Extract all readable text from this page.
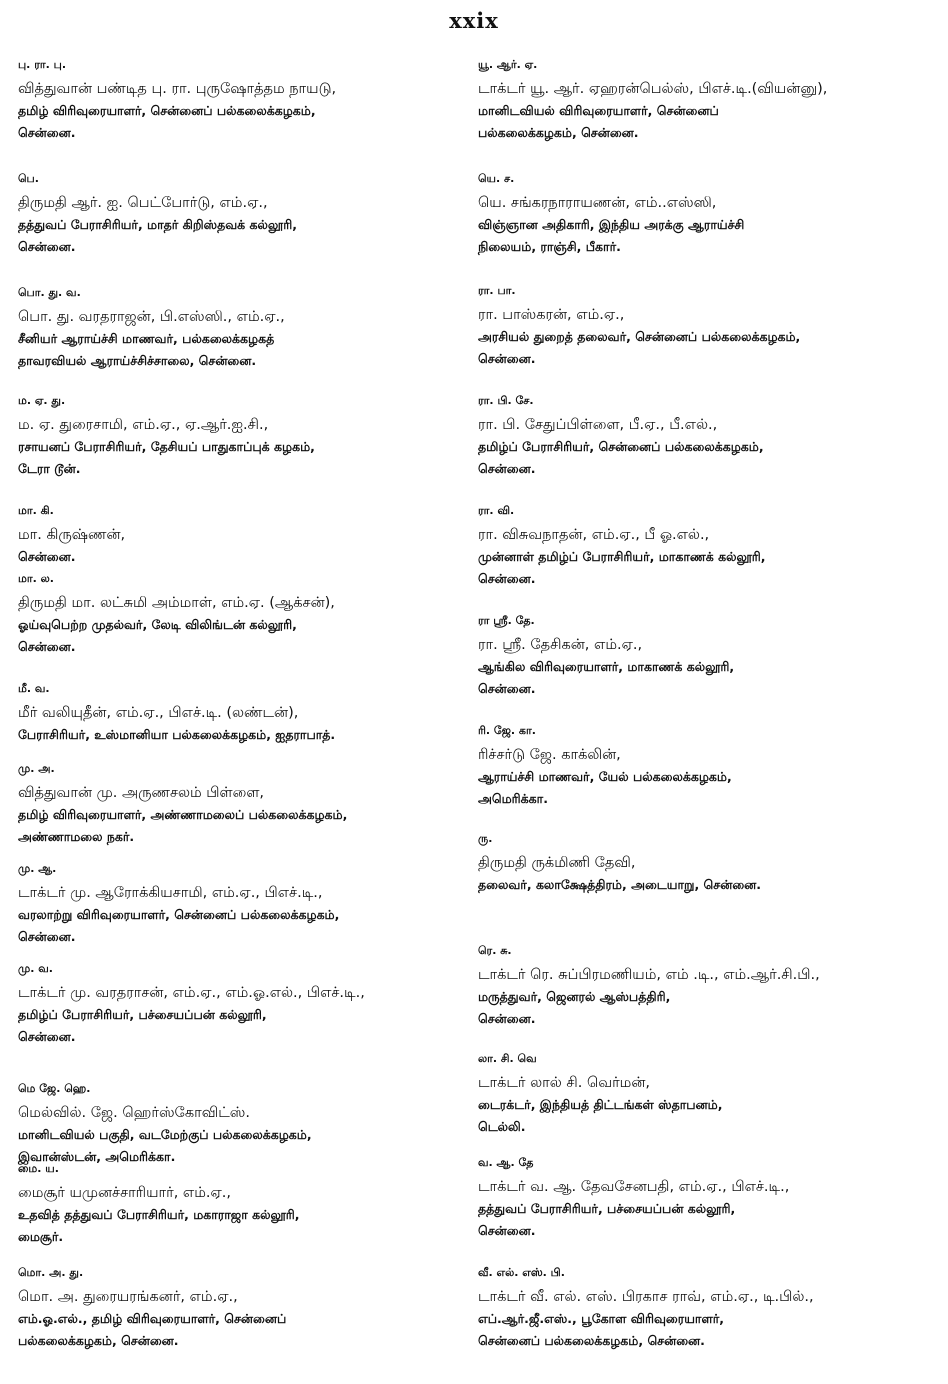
xxix
பு. ரா. பு.
வித்துவான் பண்டித பு. ரா. புருஷோத்தம நாயடு,
தமிழ் விரிவுரையாளர், சென்னைப் பல்கலைக்கழகம்,
சென்னை.
பெ.
திருமதி ஆர். ஐ. பெட்போர்டு, எம்.ஏ.,
தத்துவப் பேராசிரியர், மாதர் கிறிஸ்தவக் கல்லூரி,
சென்னை.
பொ. து. வ.
பொ. து. வரதராஜன், பி.எஸ்ஸி., எம்.ஏ.,
சீனியர் ஆராய்ச்சி மாணவர், பல்கலைக்கழகத்
தாவரவியல் ஆராய்ச்சிச்சாலை, சென்னை.
ம. ஏ. து.
ம. ஏ. துரைசாமி, எம்.ஏ., ஏ.ஆர்.ஐ.சி.,
ரசாயனப் பேராசிரியர், தேசியப் பாதுகாப்புக் கழகம்,
டேரா டூன்.
மா. கி.
மா. கிருஷ்ணன்,
சென்னை.
மா. ல.
திருமதி மா. லட்சுமி அம்மாள், எம்.ஏ. (ஆக்சன்),
ஓய்வுபெற்ற முதல்வர், லேடி விலிங்டன் கல்லூரி,
சென்னை.
மீ. வ.
மீர் வலியுதீன், எம்.ஏ., பிஎச்.டி. (லண்டன்),
பேராசிரியர், உஸ்மானியா பல்கலைக்கழகம், ஐதராபாத்.
மு. அ.
வித்துவான் மு. அருணசலம் பிள்ளை,
தமிழ் விரிவுரையாளர், அண்ணாமலைப் பல்கலைக்கழகம்,
அண்ணாமலை நகர்.
மு. ஆ.
டாக்டர் மு. ஆரோக்கியசாமி, எம்.ஏ., பிஎச்.டி.,
வரலாற்று விரிவுரையாளர், சென்னைப் பல்கலைக்கழகம்,
சென்னை.
மு. வ.
டாக்டர் மு. வரதராசன், எம்.ஏ., எம்.ஓ.எல்., பிஎச்.டி.,
தமிழ்ப் பேராசிரியர், பச்சையப்பன் கல்லூரி,
சென்னை.
மெ ஜே. ஹெ.
மெல்வில். ஜே. ஹெர்ஸ்கோவிட்ஸ்.
மானிடவியல் பகுதி, வடமேற்குப் பல்கலைக்கழகம்,
இவான்ஸ்டன், அமெரிக்கா.
மை. ய.
மைசூர் யமுனச்சாரியார், எம்.ஏ.,
உதவித் தத்துவப் பேராசிரியர், மகாராஜா கல்லூரி,
மைசூர்.
மொ. அ. து.
மொ. அ. துரையரங்கனர், எம்.ஏ.,
எம்.ஓ.எல்., தமிழ் விரிவுரையாளர், சென்னைப்
பல்கலைக்கழகம், சென்னை.
யூ. ஆர். ஏ.
டாக்டர் யூ. ஆர். ஏஹரன்பெல்ஸ், பிஎச்.டி.(வியன்னு),
மானிடவியல் விரிவுரையாளர், சென்னைப்
பல்கலைக்கழகம், சென்னை.
யெ. ச.
யெ. சங்கரநாராயணன், எம்..எஸ்ஸி,
விஞ்ஞான அதிகாரி, இந்திய அரக்கு ஆராய்ச்சி
நிலையம், ராஞ்சி, பீகார்.
ரா. பா.
ரா. பாஸ்கரன், எம்.ஏ.,
அரசியல் துறைத் தலைவர், சென்னைப் பல்கலைக்கழகம்,
சென்னை.
ரா. பி. சே.
ரா. பி. சேதுப்பிள்ளை, பீ.ஏ., பீ.எல்.,
தமிழ்ப் பேராசிரியர், சென்னைப் பல்கலைக்கழகம்,
சென்னை.
ரா. வி.
ரா. விசுவநாதன், எம்.ஏ., பீ ஓ.எல்.,
முன்னாள் தமிழ்ப் பேராசிரியர், மாகாணக் கல்லூரி,
சென்னை.
ரா ஸ்ரீ. தே.
ரா. ஸ்ரீ. தேசிகன், எம்.ஏ.,
ஆங்கில விரிவுரையாளர், மாகாணக் கல்லூரி,
சென்னை.
ரி. ஜே. கா.
ரிச்சர்டு ஜே. காக்லின்,
ஆராய்ச்சி மாணவர், யேல் பல்கலைக்கழகம்,
அமெரிக்கா.
ரு.
திருமதி ருக்மிணி தேவி,
தலைவர், கலாக்ஷேத்திரம், அடையாறு, சென்னை.
ரெ. சு.
டாக்டர் ரெ. சுப்பிரமணியம், எம் .டி., எம்.ஆர்.சி.பி.,
மருத்துவர், ஜெனரல் ஆஸ்பத்திரி,
சென்னை.
லா. சி. வெ
டாக்டர் லால் சி. வெர்மன்,
டைரக்டர், இந்தியத் திட்டங்கள் ஸ்தாபனம்,
டெல்லி.
வ. ஆ. தே
டாக்டர் வ. ஆ. தேவசேனபதி, எம்.ஏ., பிஎச்.டி.,
தத்துவப் பேராசிரியர், பச்சையப்பன் கல்லூரி,
சென்னை.
வீ. எல். எஸ். பி.
டாக்டர் வீ. எல். எஸ். பிரகாச ராவ், எம்.ஏ., டி.பில்.,
எப்.ஆர்.ஜீ.எஸ்., பூகோள விரிவுரையாளர்,
சென்னைப் பல்கலைக்கழகம், சென்னை.
